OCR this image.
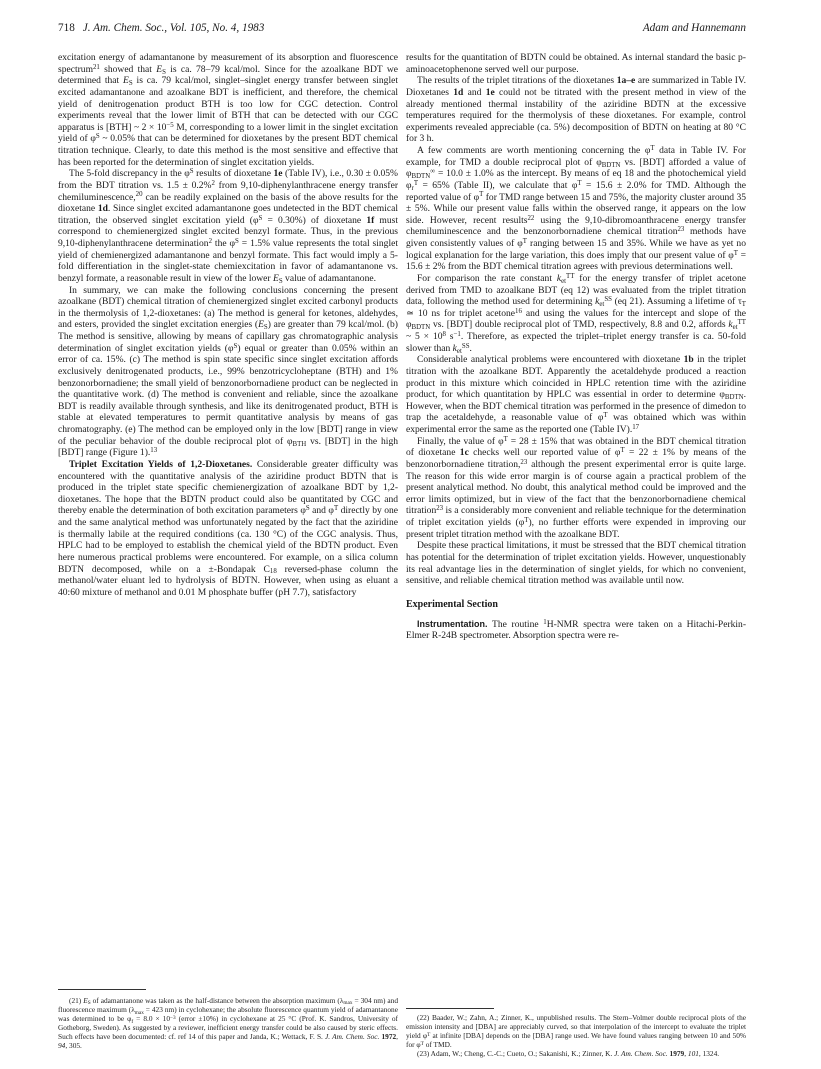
718 J. Am. Chem. Soc., Vol. 105, No. 4, 1983	Adam and Hannemann

excitation energy of adamantanone by measurement of its absorption and fluorescence spectrum$^{21}$ showed that $E_S$ is ca. 78–79 kcal/mol. Since for the azoalkane BDT we determined that $E_S$ is ca. 79 kcal/mol, singlet–singlet energy transfer between singlet excited adamantanone and azoalkane BDT is inefficient, and therefore, the chemical yield of denitrogenation product BTH is too low for CGC detection. Control experiments reveal that the lower limit of BTH that can be detected with our CGC apparatus is [BTH] ~ $2 \times 10^{-5}$ M, corresponding to a lower limit in the singlet excitation yield of $\varphi^S$ ~ 0.05% that can be determined for dioxetanes by the present BDT chemical titration technique. Clearly, to date this method is the most sensitive and effective that has been reported for the determination of singlet excitation yields.

The 5-fold discrepancy in the $\varphi^S$ results of dioxetane 1e (Table IV), i.e., 0.30 ± 0.05% from the BDT titration vs. 1.5 ± 0.2%$^2$ from 9,10-diphenylanthracene energy transfer chemiluminescence,$^{20}$ can be readily explained on the basis of the above results for the dioxetane 1d. Since singlet excited adamantanone goes undetected in the BDT chemical titration, the observed singlet excitation yield $(\varphi^S = 0.30\%)$ of dioxetane 1f must correspond to chemienergized singlet excited benzyl formate. Thus, in the previous 9,10-diphenylanthracene determination$^2$ the $\varphi^S = 1.5\%$ value represents the total singlet yield of chemienergized adamantanone and benzyl formate. This fact would imply a 5-fold differentiation in the singlet-state chemiexcitation in favor of adamantanone vs. benzyl formate, a reasonable result in view of the lower $E_S$ value of adamantanone.

In summary, we can make the following conclusions concerning the present azoalkane (BDT) chemical titration of chemienergized singlet excited carbonyl products in the thermolysis of 1,2-dioxetanes: (a) The method is general for ketones, aldehydes, and esters, provided the singlet excitation energies $(E_S)$ are greater than 79 kcal/mol. (b) The method is sensitive, allowing by means of capillary gas chromatographic analysis determination of singlet excitation yields $(\varphi^S)$ equal or greater than 0.05% within an error of ca. 15%. (c) The method is spin state specific since singlet excitation affords exclusively denitrogenated products, i.e., 99% benzotricycloheptane (BTH) and 1% benzonorbornadiene; the small yield of benzonorbornadiene product can be neglected in the quantitative work. (d) The method is convenient and reliable, since the azoalkane BDT is readily available through synthesis, and like its denitrogenated product, BTH is stable at elevated temperatures to permit quantitative analysis by means of gas chromatography. (e) The method can be employed only in the low [BDT] range in view of the peculiar behavior of the double reciprocal plot of $\varphi_{BTH}$ vs. [BDT] in the high [BDT] range (Figure 1).$^{13}$

Triplet Excitation Yields of 1,2-Dioxetanes. Considerable greater difficulty was encountered with the quantitative analysis of the aziridine product BDTN that is produced in the triplet state specific chemienergization of azoalkane BDT by 1,2-dioxetanes. The hope that the BDTN product could also be quantitated by CGC and thereby enable the determination of both excitation parameters $\varphi^S$ and $\varphi^T$ directly by one and the same analytical method was unfortunately negated by the fact that the aziridine is thermally labile at the required conditions (ca. 130 °C) of the CGC analysis. Thus, HPLC had to be employed to establish the chemical yield of the BDTN product. Even here numerous practical problems were encountered. For example, on a silica column BDTN decomposed, while on a ±-Bondapak $C_{18}$ reversed-phase column the methanol/water eluant led to hydrolysis of BDTN. However, when using as eluant a 40:60 mixture of methanol and 0.01 M phosphate buffer (pH 7.7), satisfactory

(21) $E_S$ of adamantanone was taken as the half-distance between the absorption maximum ($\lambda_{max} = 304$ nm) and fluorescence maximum ($\lambda_{max} = 423$ nm) in cyclohexane; the absolute fluorescence quantum yield of adamantanone was determined to be $\varphi_f = 8.0 \times 10^{-3}$ (error ±10%) in cyclohexane at 25 °C (Prof. K. Sandros, University of Gotheborg, Sweden). As suggested by a reviewer, inefficient energy transfer could be also caused by steric effects. Such effects have been documented: cf. ref 14 of this paper and Janda, K.; Wettack, F. S. J. Am. Chem. Soc. 1972, 94, 305.

results for the quantitation of BDTN could be obtained. As internal standard the basic p-aminoacetophenone served well our purpose.

The results of the triplet titrations of the dioxetanes 1a–e are summarized in Table IV. Dioxetanes 1d and 1e could not be titrated with the present method in view of the already mentioned thermal instability of the aziridine BDTN at the excessive temperatures required for the thermolysis of these dioxetanes. For example, control experiments revealed appreciable (ca. 5%) decomposition of BDTN on heating at 80 °C for 3 h.

A few comments are worth mentioning concerning the $\varphi^T$ data in Table IV. For example, for TMD a double reciprocal plot of $\varphi_{BDTN}$ vs. [BDT] afforded a value of $\varphi_{BDTN}^\infty = 10.0 \pm 1.0\%$ as the intercept. By means of eq 18 and the photochemical yield $\varphi_r^T = 65\%$ (Table II), we calculate that $\varphi^T = 15.6 \pm 2.0\%$ for TMD. Although the reported value of $\varphi^T$ for TMD range between 15 and 75%, the majority cluster around 35 ± 5%. While our present value falls within the observed range, it appears on the low side. However, recent results$^{22}$ using the 9,10-dibromoanthracene energy transfer chemiluminescence and the benzonorbornadiene chemical titration$^{23}$ methods have given consistently values of $\varphi^T$ ranging between 15 and 35%. While we have as yet no logical explanation for the large variation, this does imply that our present value of $\varphi^T = 15.6 \pm 2\%$ from the BDT chemical titration agrees with previous determinations well.

For comparison the rate constant $k_{et}^{TT}$ for the energy transfer of triplet acetone derived from TMD to azoalkane BDT (eq 12) was evaluated from the triplet titration data, following the method used for determining $k_{et}^{SS}$ (eq 21). Assuming a lifetime of $\tau_T$ ≃ 10 ns for triplet acetone$^{16}$ and using the values for the intercept and slope of the $\varphi_{BDTN}$ vs. [BDT] double reciprocal plot of TMD, respectively, 8.8 and 0.2, affords $k_{et}^{TT}$ ~ $5 \times 10^8$ $s^{-1}$. Therefore, as expected the triplet–triplet energy transfer is ca. 50-fold slower than $k_{et}^{SS}$.

Considerable analytical problems were encountered with dioxetane 1b in the triplet titration with the azoalkane BDT. Apparently the acetaldehyde produced a reaction product in this mixture which coincided in HPLC retention time with the aziridine product, for which quantitation by HPLC was essential in order to determine $\varphi_{BDTN}$. However, when the BDT chemical titration was performed in the presence of dimedon to trap the acetaldehyde, a reasonable value of $\varphi^T$ was obtained which was within experimental error the same as the reported one (Table IV).$^{17}$

Finally, the value of $\varphi^T = 28 \pm 15\%$ that was obtained in the BDT chemical titration of dioxetane 1c checks well our reported value of $\varphi^T = 22 \pm 1\%$ by means of the benzonorbornadiene titration,$^{23}$ although the present experimental error is quite large. The reason for this wide error margin is of course again a practical problem of the present analytical method. No doubt, this analytical method could be improved and the error limits optimized, but in view of the fact that the benzonorbornadiene chemical titration$^{23}$ is a considerably more convenient and reliable technique for the determination of triplet excitation yields $(\varphi^T)$, no further efforts were expended in improving our present triplet titration method with the azoalkane BDT.

Despite these practical limitations, it must be stressed that the BDT chemical titration has potential for the determination of triplet excitation yields. However, unquestionably its real advantage lies in the determination of singlet yields, for which no convenient, sensitive, and reliable chemical titration method was available until now.

Experimental Section

Instrumentation. The routine $^1$H-NMR spectra were taken on a Hitachi-Perkin-Elmer R-24B spectrometer. Absorption spectra were re-

(22) Baader, W.; Zahn, A.; Zinner, K., unpublished results. The Stern–Volmer double reciprocal plots of the emission intensity and [DBA] are appreciably curved, so that interpolation of the intercept to evaluate the triplet yield $\varphi^T$ at infinite [DBA] depends on the [DBA] range used. We have found values ranging between 10 and 50% for $\varphi^T$ of TMD.

(23) Adam, W.; Cheng, C.-C.; Cueto, O.; Sakanishi, K.; Zinner, K. J. Am. Chem. Soc. 1979, 101, 1324.
